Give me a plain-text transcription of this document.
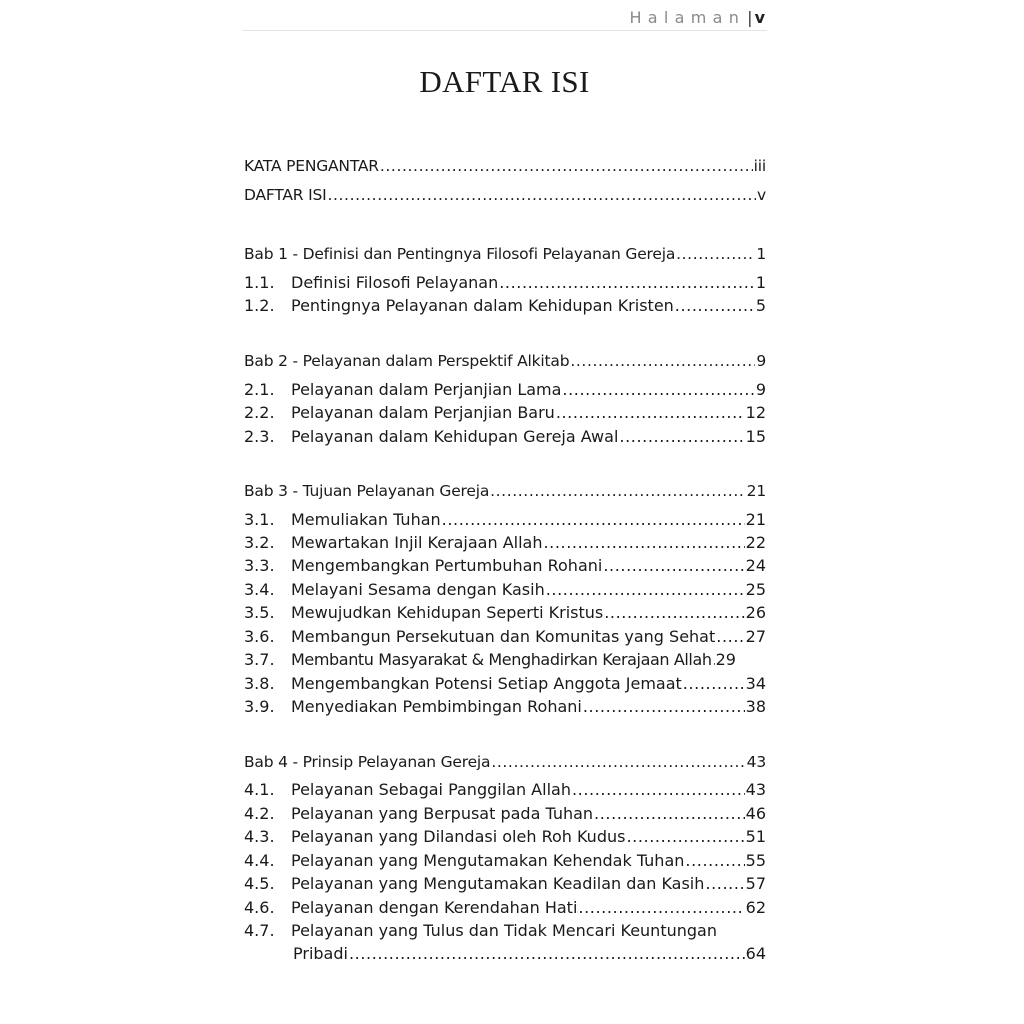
Halaman | v
DAFTAR ISI
KATA PENGANTAR .....	iii
DAFTAR ISI .....	v
Bab 1 - Definisi dan Pentingnya Filosofi Pelayanan Gereja .....	1
1.1.	Definisi Filosofi Pelayanan .....	1
1.2.	Pentingnya Pelayanan dalam Kehidupan Kristen .....	5
Bab 2 - Pelayanan dalam Perspektif Alkitab .....	9
2.1.	Pelayanan dalam Perjanjian Lama .....	9
2.2.	Pelayanan dalam Perjanjian Baru .....	12
2.3.	Pelayanan dalam Kehidupan Gereja Awal .....	15
Bab 3 - Tujuan Pelayanan Gereja .....	21
3.1.	Memuliakan Tuhan .....	21
3.2.	Mewartakan Injil Kerajaan Allah .....	22
3.3.	Mengembangkan Pertumbuhan Rohani .....	24
3.4.	Melayani Sesama dengan Kasih .....	25
3.5.	Mewujudkan Kehidupan Seperti Kristus .....	26
3.6.	Membangun Persekutuan dan Komunitas yang Sehat ..... 27
3.7.	Membantu Masyarakat & Menghadirkan Kerajaan Allah ..... 29
3.8.	Mengembangkan Potensi Setiap Anggota Jemaat .....	34
3.9.	Menyediakan Pembimbingan Rohani .....	38
Bab 4 - Prinsip Pelayanan Gereja .....	43
4.1.	Pelayanan Sebagai Panggilan Allah .....	43
4.2.	Pelayanan yang Berpusat pada Tuhan .....	46
4.3.	Pelayanan yang Dilandasi oleh Roh Kudus .....	51
4.4.	Pelayanan yang Mengutamakan Kehendak Tuhan .....	55
4.5.	Pelayanan yang Mengutamakan Keadilan dan Kasih .....	57
4.6.	Pelayanan dengan Kerendahan Hati .....	62
4.7.	Pelayanan yang Tulus dan Tidak Mencari Keuntungan
Pribadi .....	64
